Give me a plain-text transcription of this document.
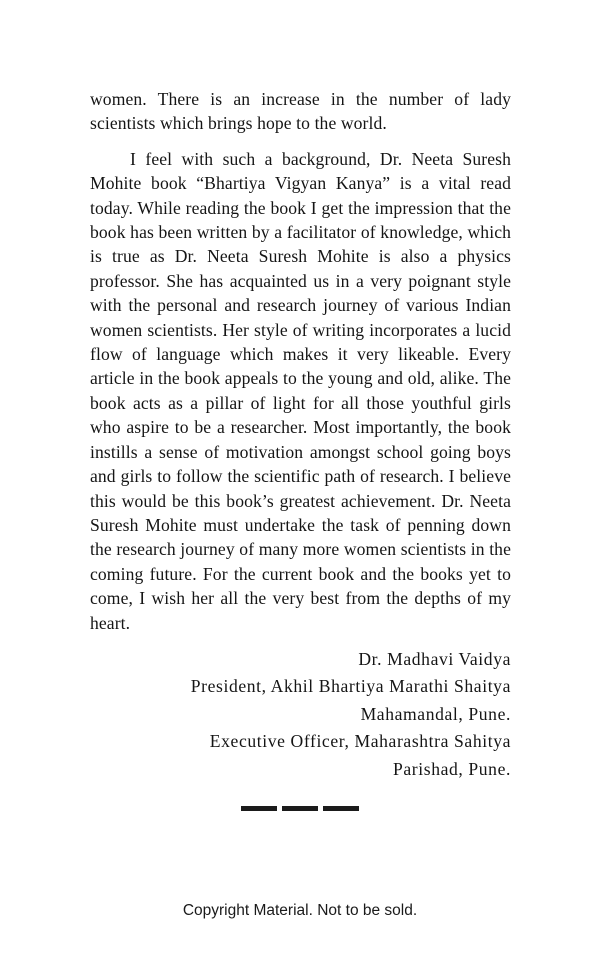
women. There is an increase in the number of lady scientists which brings hope to the world.

I feel with such a background, Dr. Neeta Suresh Mohite book “Bhartiya Vigyan Kanya” is a vital read today. While reading the book I get the impression that the book has been written by a facilitator of knowledge, which is true as Dr. Neeta Suresh Mohite is also a physics professor. She has acquainted us in a very poignant style with the personal and research journey of various Indian women scientists. Her style of writing incorporates a lucid flow of language which makes it very likeable. Every article in the book appeals to the young and old, alike. The book acts as a pillar of light for all those youthful girls who aspire to be a researcher. Most importantly, the book instills a sense of motivation amongst school going boys and girls to follow the scientific path of research. I believe this would be this book’s greatest achievement. Dr. Neeta Suresh Mohite must undertake the task of penning down the research journey of many more women scientists in the coming future. For the current book and the books yet to come, I wish her all the very best from the depths of my heart.

Dr. Madhavi Vaidya
President, Akhil Bhartiya Marathi Shaitya
Mahamandal, Pune.
Executive Officer, Maharashtra Sahitya
Parishad, Pune.
Copyright Material. Not to be sold.
